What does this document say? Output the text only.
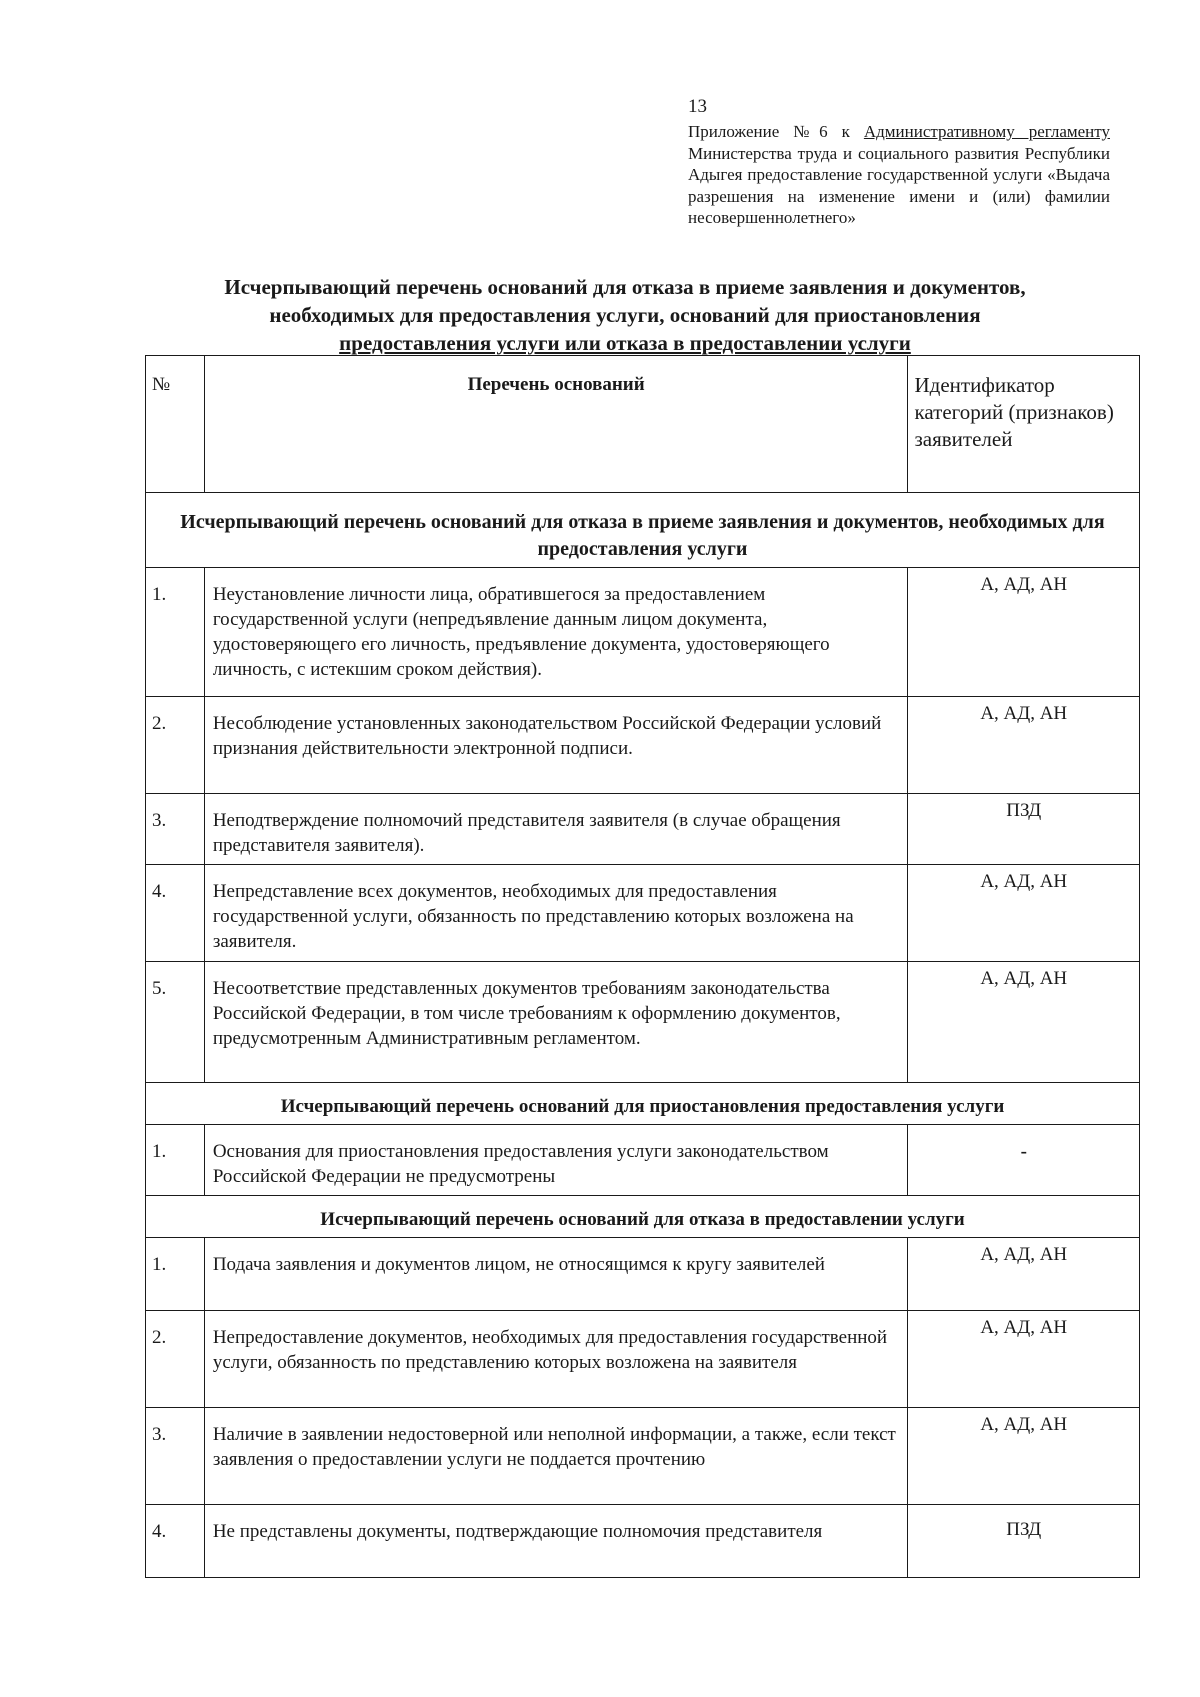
13
Приложение №6 к Административному регламенту Министерства труда и социального развития Республики Адыгея предоставление государственной услуги «Выдача разрешения на изменение имени и (или) фамилии несовершеннолетнего»
Исчерпывающий перечень оснований для отказа в приеме заявления и документов,
необходимых для предоставления услуги, оснований для приостановления
предоставления услуги или отказа в предоставлении услуги
№	Перечень оснований	Идентификатор категорий (признаков) заявителей
Исчерпывающий перечень оснований для отказа в приеме заявления и документов, необходимых для предоставления услуги		
1.	Неустановление личности лица, обратившегося за предоставлением государственной услуги (непредъявление данным лицом документа, удостоверяющего его личность, предъявление документа, удостоверяющего личность, с истекшим сроком действия).	А, АД, АН
2.	Несоблюдение установленных законодательством Российской Федерации условий признания действительности электронной подписи.	А, АД, АН
3.	Неподтверждение полномочий представителя заявителя (в случае обращения представителя заявителя).	ПЗД
4.	Непредставление всех документов, необходимых для предоставления государственной услуги, обязанность по представлению которых возложена на заявителя.	А, АД, АН
5.	Несоответствие представленных документов требованиям законодательства Российской Федерации, в том числе требованиям к оформлению документов, предусмотренным Административным регламентом.	А, АД, АН
Исчерпывающий перечень оснований для приостановления предоставления услуги		
1.	Основания для приостановления предоставления услуги законодательством Российской Федерации не предусмотрены	-
Исчерпывающий перечень оснований для отказа в предоставлении услуги		
1.	Подача заявления и документов лицом, не относящимся к кругу заявителей	А, АД, АН
2.	Непредоставление документов, необходимых для предоставления государственной услуги, обязанность по представлению которых возложена на заявителя	А, АД, АН
3.	Наличие в заявлении недостоверной или неполной информации, а также, если текст заявления о предоставлении услуги не поддается прочтению	А, АД, АН
4.	Не представлены документы, подтверждающие полномочия представителя	ПЗД
